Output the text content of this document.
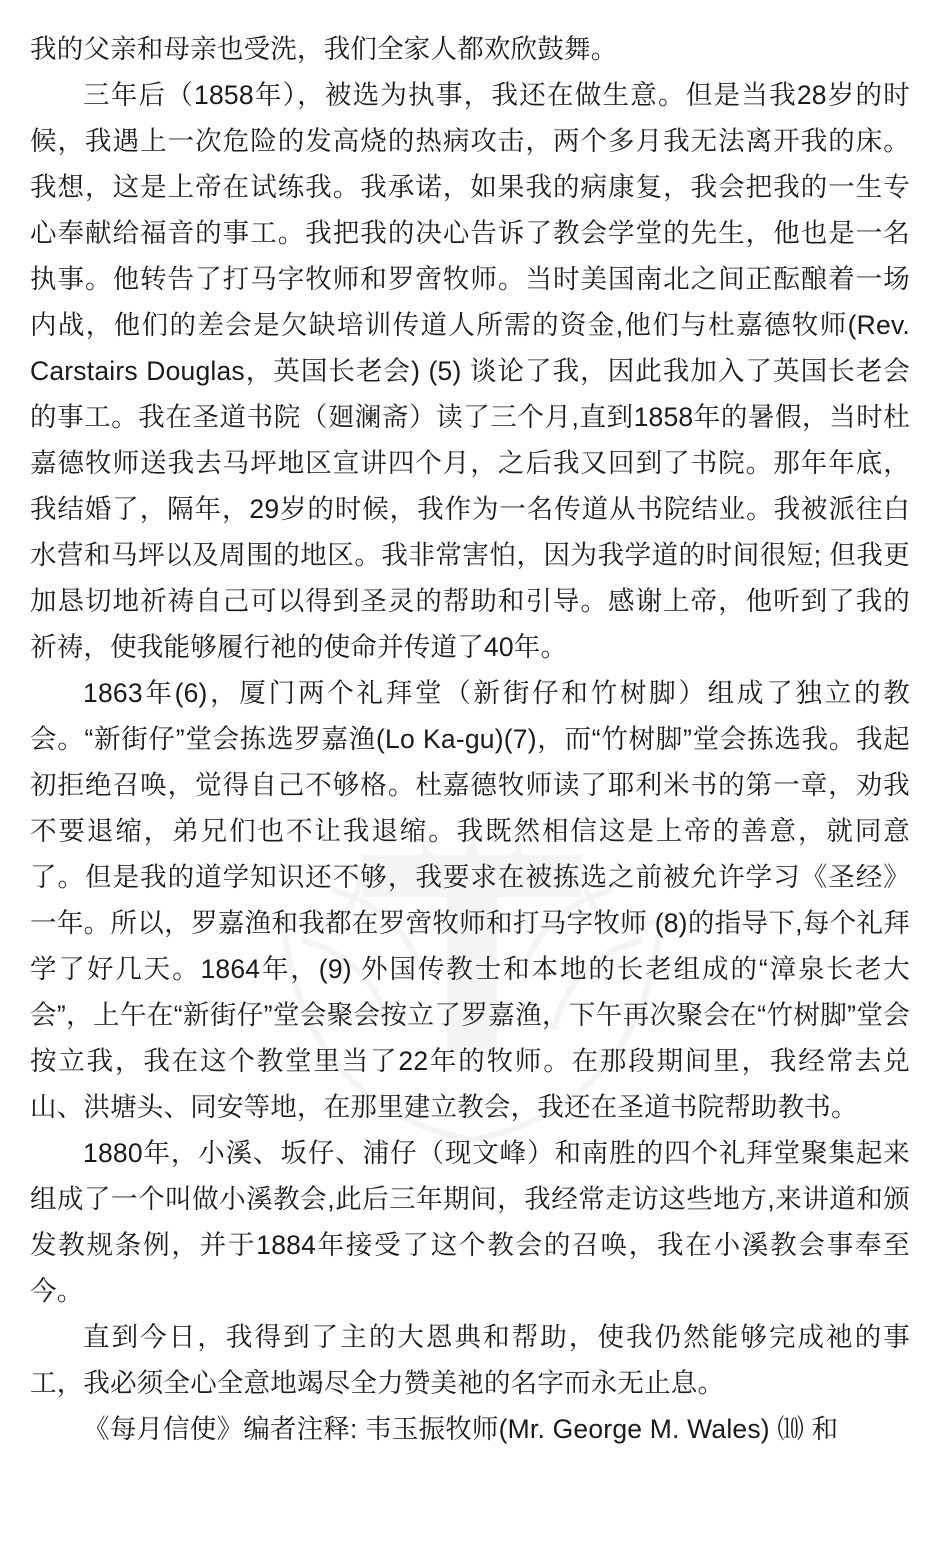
我的父亲和母亲也受洗，我们全家人都欢欣鼓舞。

三年后（1858年），被选为执事，我还在做生意。但是当我28岁的时候，我遇上一次危险的发高烧的热病攻击，两个多月我无法离开我的床。我想，这是上帝在试练我。我承诺，如果我的病康复，我会把我的一生专心奉献给福音的事工。我把我的决心告诉了教会学堂的先生，他也是一名执事。他转告了打马字牧师和罗啻牧师。当时美国南北之间正酝酿着一场内战，他们的差会是欠缺培训传道人所需的资金,他们与杜嘉德牧师(Rev. Carstairs Douglas，英国长老会) (5) 谈论了我，因此我加入了英国长老会的事工。我在圣道书院（廻澜斋）读了三个月,直到1858年的暑假，当时杜嘉德牧师送我去马坪地区宣讲四个月，之后我又回到了书院。那年年底，我结婚了，隔年，29岁的时候，我作为一名传道从书院结业。我被派往白水营和马坪以及周围的地区。我非常害怕，因为我学道的时间很短; 但我更加恳切地祈祷自己可以得到圣灵的帮助和引导。感谢上帝，他听到了我的祈祷，使我能够履行祂的使命并传道了40年。

1863年(6)，厦门两个礼拜堂（新街仔和竹树脚）组成了独立的教会。“新街仔”堂会拣选罗嘉渔(Lo Ka-gu)(7)，而“竹树脚”堂会拣选我。我起初拒绝召唤，觉得自己不够格。杜嘉德牧师读了耶利米书的第一章，劝我不要退缩，弟兄们也不让我退缩。我既然相信这是上帝的善意，就同意了。但是我的道学知识还不够，我要求在被拣选之前被允许学习《圣经》一年。所以，罗嘉渔和我都在罗啻牧师和打马字牧师 (8)的指导下,每个礼拜学了好几天。1864年，(9) 外国传教士和本地的长老组成的“漳泉长老大会”，上午在“新街仔”堂会聚会按立了罗嘉渔，下午再次聚会在“竹树脚”堂会按立我，我在这个教堂里当了22年的牧师。在那段期间里，我经常去兑山、洪塘头、同安等地，在那里建立教会，我还在圣道书院帮助教书。

1880年，小溪、坂仔、浦仔（现文峰）和南胜的四个礼拜堂聚集起来组成了一个叫做小溪教会,此后三年期间，我经常走访这些地方,来讲道和颁发教规条例，并于1884年接受了这个教会的召唤，我在小溪教会事奉至今。

直到今日，我得到了主的大恩典和帮助，使我仍然能够完成祂的事工，我必须全心全意地竭尽全力赞美祂的名字而永无止息。

《每月信使》编者注释: 韦玉振牧师(Mr. George M. Wales) ⑽ 和
